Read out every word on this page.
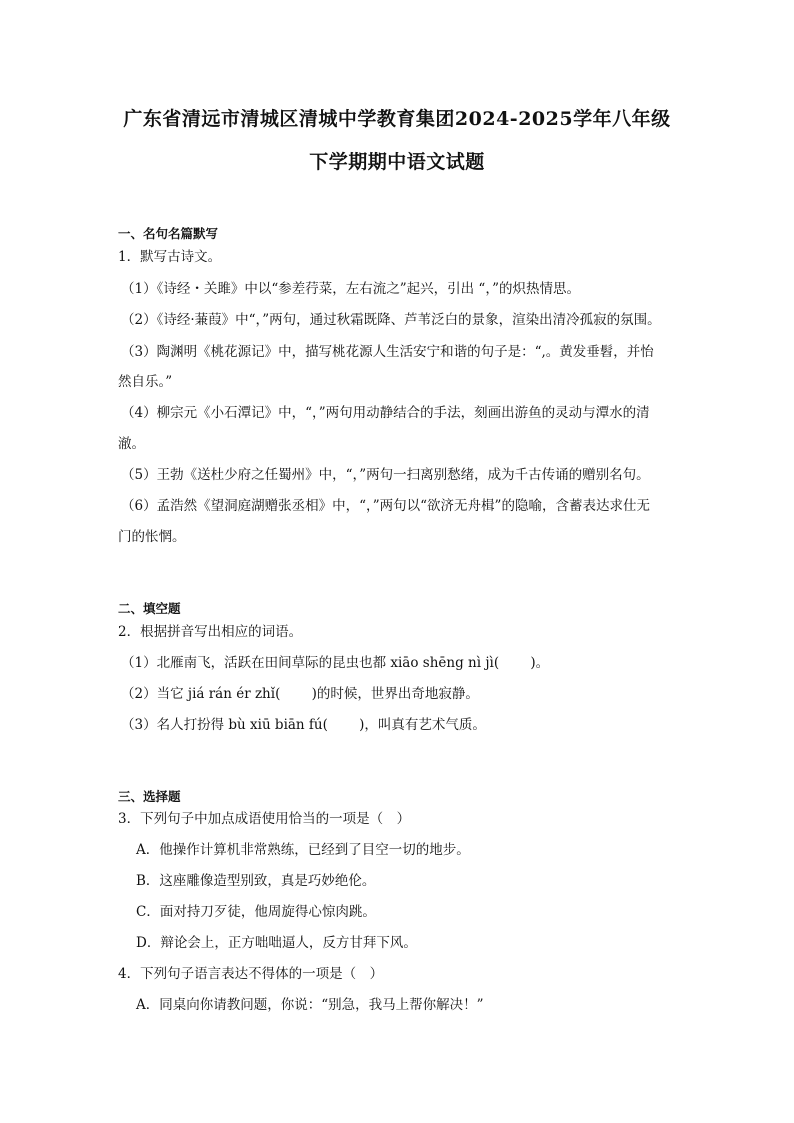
广东省清远市清城区清城中学教育集团2024-2025学年八年级
下学期期中语文试题
一、名句名篇默写
1．默写古诗文。
（1）《诗经・关雎》中以“参差荇菜，左右流之”起兴，引出 “，”的炽热情思。
（2）《诗经·蒹葭》中“，”两句，通过秋霜既降、芦苇泛白的景象，渲染出清冷孤寂的氛围。
（3）陶渊明《桃花源记》中，描写桃花源人生活安宁和谐的句子是：“,。黄发垂髫，并怡
然自乐。”
（4）柳宗元《小石潭记》中，“，”两句用动静结合的手法，刻画出游鱼的灵动与潭水的清
澈。
（5）王勃《送杜少府之任蜀州》中，“，”两句一扫离别愁绪，成为千古传诵的赠别名句。
（6）孟浩然《望洞庭湖赠张丞相》中，“，”两句以“欲济无舟楫”的隐喻，含蓄表达求仕无
门的怅惘。
二、填空题
2．根据拼音写出相应的词语。
（1）北雁南飞，活跃在田间草际的昆虫也都 xiāo shēng nì jì(　　 )。
（2）当它 jiá rán ér zhǐ(　　 )的时候，世界出奇地寂静。
（3）名人打扮得 bù xiū biān fú(　　 )，叫真有艺术气质。
三、选择题
3．下列句子中加点成语使用恰当的一项是（　）
A．他操作计算机非常熟练，已经到了目空一切的地步。
B．这座雕像造型别致，真是巧妙绝伦。
C．面对持刀歹徒，他周旋得心惊肉跳。
D．辩论会上，正方咄咄逼人，反方甘拜下风。
4．下列句子语言表达不得体的一项是（　）
A．同桌向你请教问题，你说：“别急，我马上帮你解决！”
